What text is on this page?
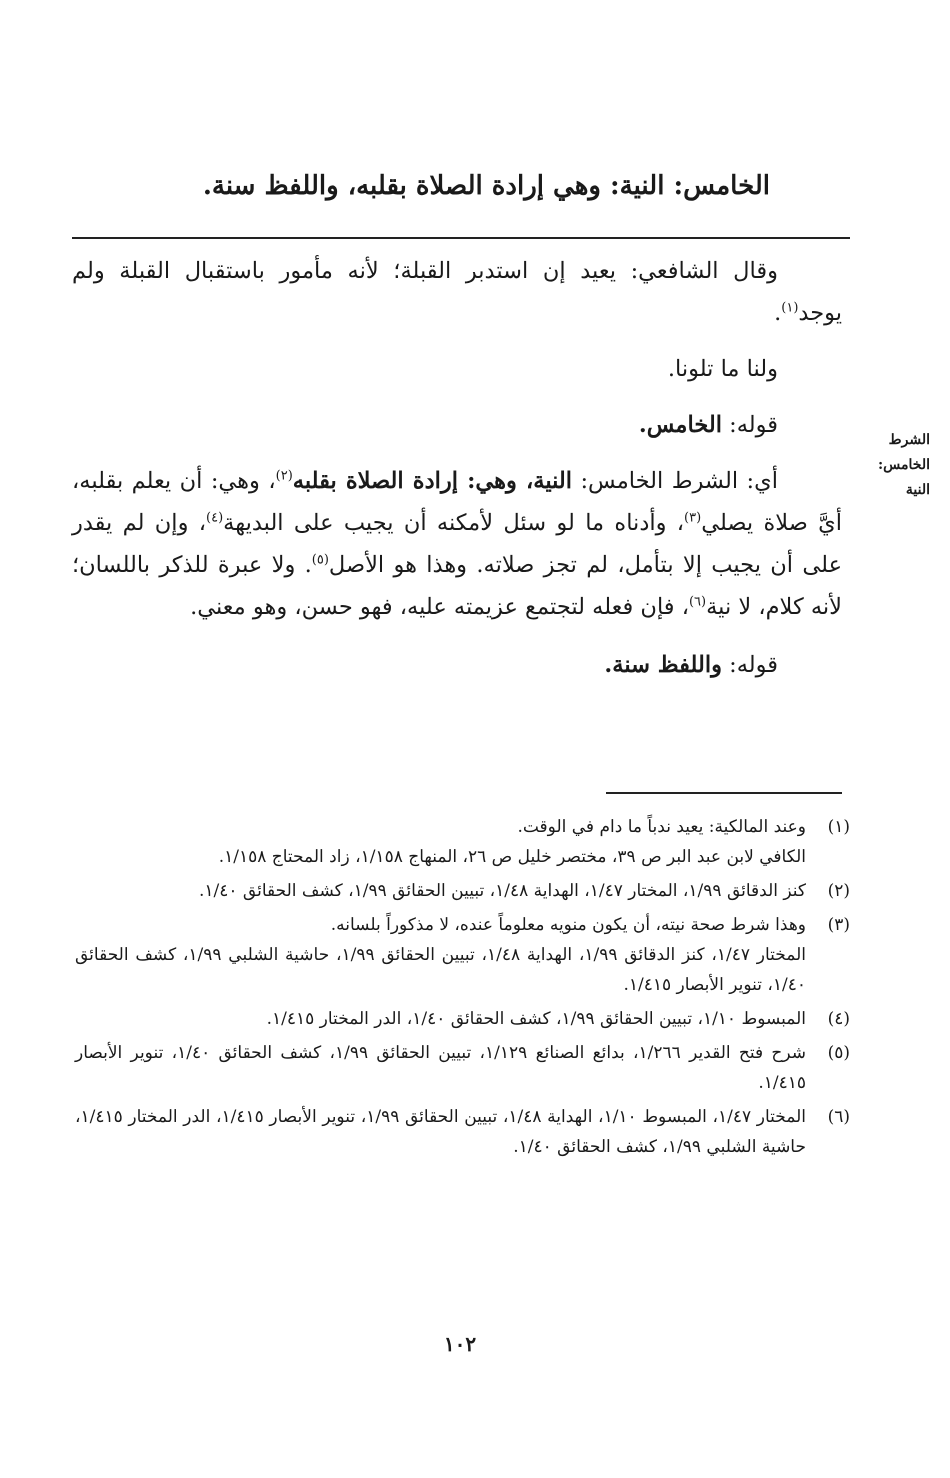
الخامس: النية: وهي إرادة الصلاة بقلبه، واللفظ سنة.

وقال الشافعي: يعيد إن استدبر القبلة؛ لأنه مأمور باستقبال القبلة ولم يوجد$^{(١)}$.

ولنا ما تلونا.

قوله: الخامس.

أي: الشرط الخامس: النية، وهي: إرادة الصلاة بقلبه$^{(٢)}$، وهي: أن يعلم بقلبه، أيَّ صلاة يصلي$^{(٣)}$، وأدناه ما لو سئل لأمكنه أن يجيب على البديهة$^{(٤)}$، وإن لم يقدر على أن يجيب إلا بتأمل، لم تجز صلاته. وهذا هو الأصل$^{(٥)}$. ولا عبرة للذكر باللسان؛ لأنه كلام، لا نية$^{(٦)}$، فإن فعله لتجتمع عزيمته عليه، فهو حسن، وهو معني.

قوله: واللفظ سنة.

الشرط
الخامس:
النية
(١)
وعند المالكية: يعيد ندباً ما دام في الوقت.
الكافي لابن عبد البر ص ٣٩، مختصر خليل ص ٢٦، المنهاج ١/١٥٨، زاد المحتاج ١/١٥٨.
(٢)
كنز الدقائق ١/٩٩، المختار ١/٤٧، الهداية ١/٤٨، تبيين الحقائق ١/٩٩، كشف الحقائق ١/٤٠.
(٣)
وهذا شرط صحة نيته، أن يكون منويه معلوماً عنده، لا مذكوراً بلسانه.
المختار ١/٤٧، كنز الدقائق ١/٩٩، الهداية ١/٤٨، تبيين الحقائق ١/٩٩، حاشية الشلبي ١/٩٩، كشف الحقائق ١/٤٠، تنوير الأبصار ١/٤١٥.
(٤)
المبسوط ١/١٠، تبيين الحقائق ١/٩٩، كشف الحقائق ١/٤٠، الدر المختار ١/٤١٥.
(٥)
شرح فتح القدير ١/٢٦٦، بدائع الصنائع ١/١٢٩، تبيين الحقائق ١/٩٩، كشف الحقائق ١/٤٠، تنوير الأبصار ١/٤١٥.
(٦)
المختار ١/٤٧، المبسوط ١/١٠، الهداية ١/٤٨، تبيين الحقائق ١/٩٩، تنوير الأبصار ١/٤١٥، الدر المختار ١/٤١٥، حاشية الشلبي ١/٩٩، كشف الحقائق ١/٤٠.
١٠٢
